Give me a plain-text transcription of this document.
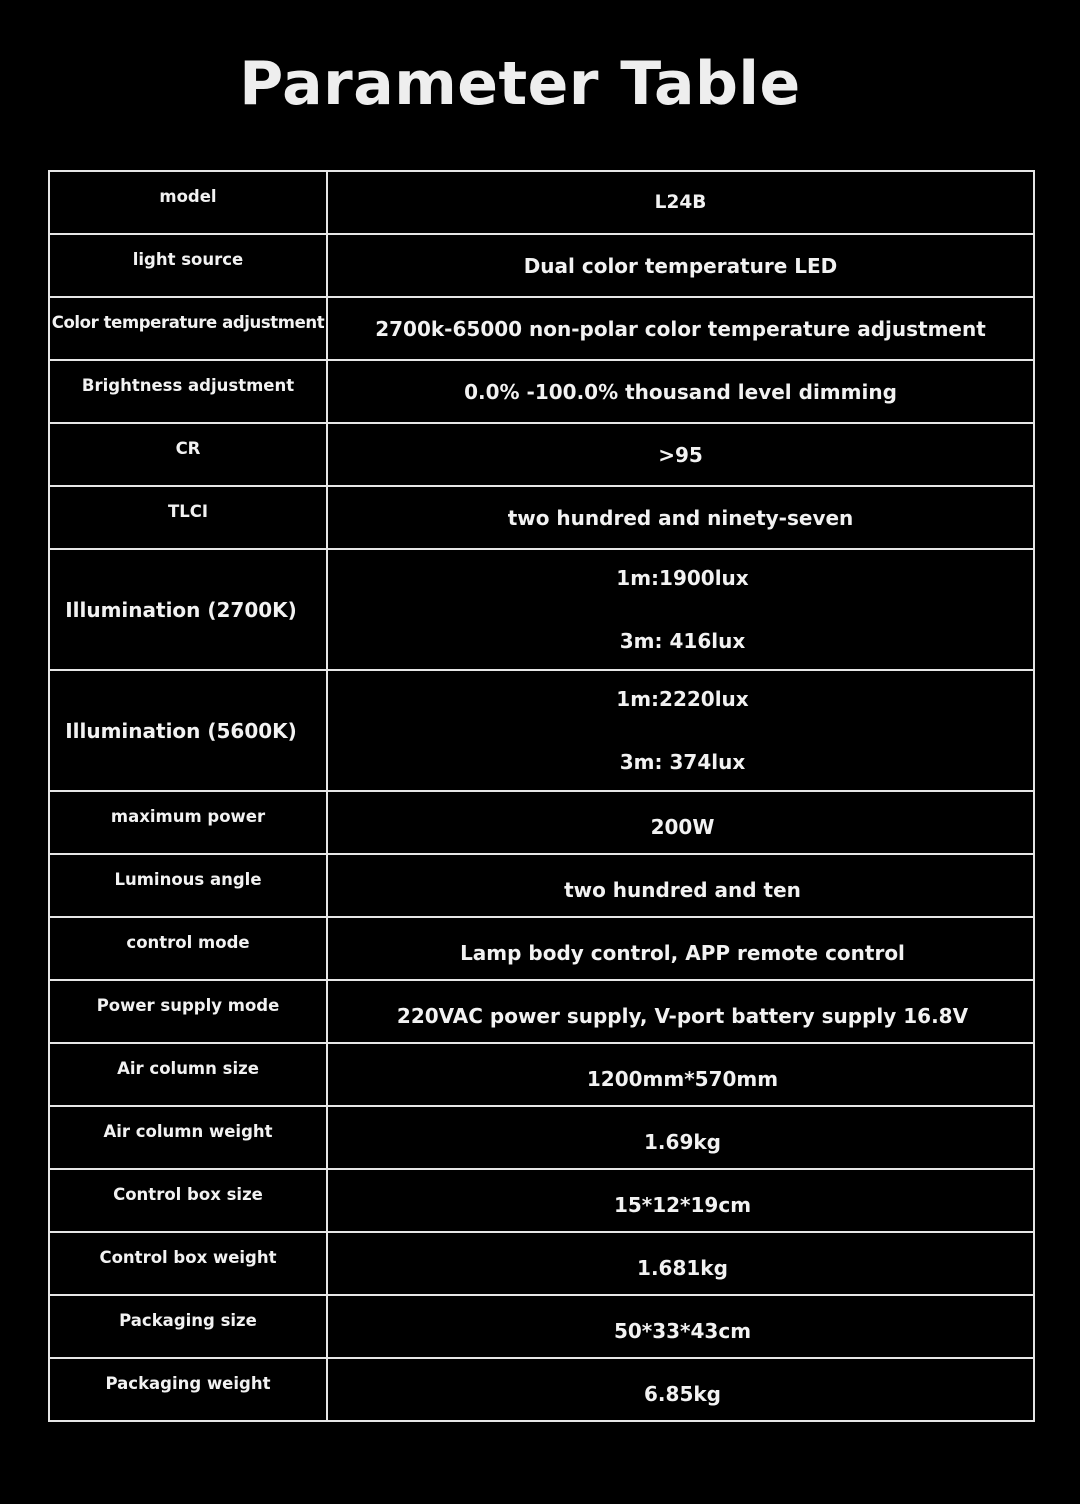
Parameter Table
model	L24B

light source	Dual color temperature LED

Color temperature adjustment	2700k-65000 non-polar color temperature adjustment

Brightness adjustment	0.0% -100.0% thousand level dimming

CR	>95

TLCI	two hundred and ninety-seven

Illumination (2700K)	1m:1900lux
3m: 416lux

Illumination (5600K)	1m:2220lux
3m: 374lux

maximum power	200W

Luminous angle	two hundred and ten

control mode	Lamp body control, APP remote control

Power supply mode	220VAC power supply, V-port battery supply 16.8V

Air column size	1200mm*570mm

Air column weight	1.69kg

Control box size	15*12*19cm

Control box weight	1.681kg

Packaging size	50*33*43cm

Packaging weight	6.85kg
